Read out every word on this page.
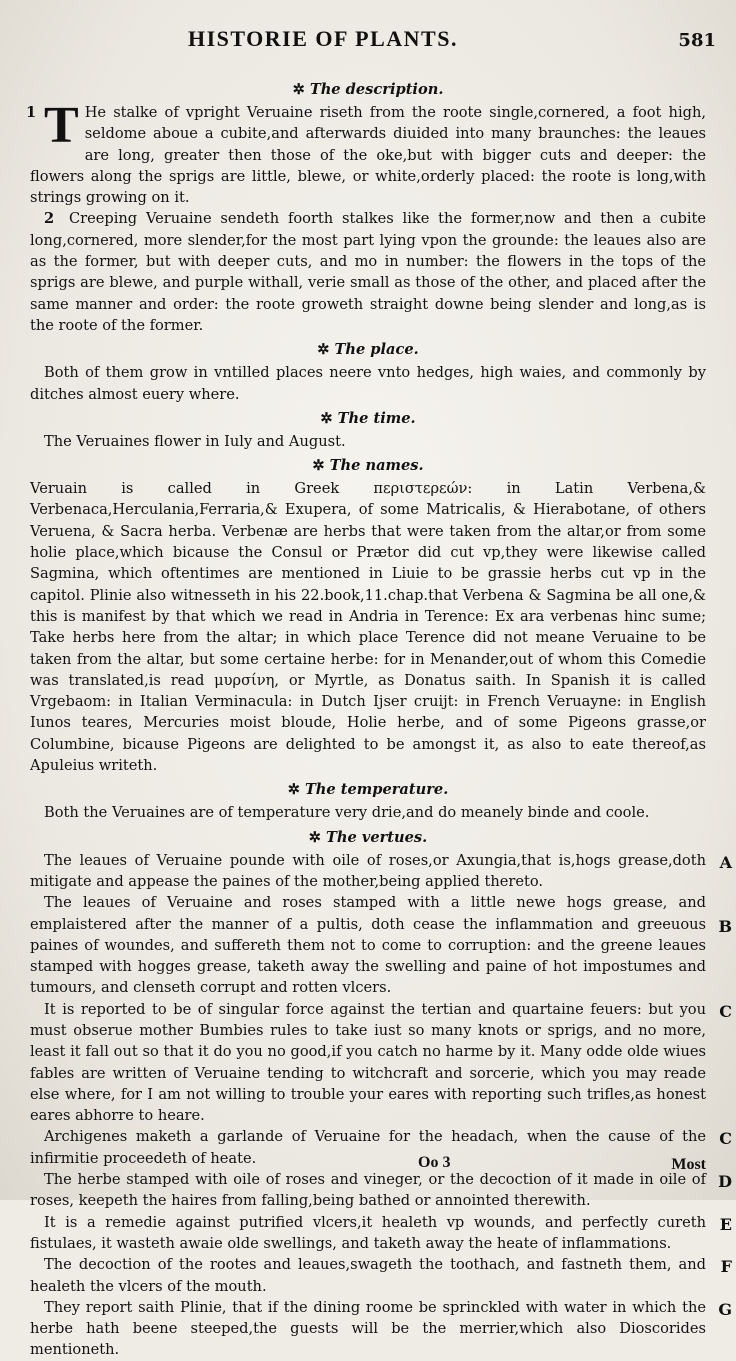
HISTORIE OF PLANTS.	581
✲ The description.

T
1	He stalke of vpright Veruaine riseth from the roote single,cornered, a foot high, seldome aboue a cubite,and afterwards diuided into many braunches: the leaues are long, greater then those of the oke,but with bigger cuts and deeper: the flowers along the sprigs are little, blewe, or white,orderly placed: the roote is long,with strings growing on it.

2 Creeping Veruaine sendeth foorth stalkes like the former,now and then a cubite long,cornered, more slender,for the most part lying vpon the grounde: the leaues also are as the former, but with deeper cuts, and mo in number: the flowers in the tops of the sprigs are blewe, and purple withall, verie small as those of the other, and placed after the same manner and order: the roote groweth straight downe being slender and long,as is the roote of the former.

✲ The place.

Both of them grow in vntilled places neere vnto hedges, high waies, and commonly by ditches almost euery where.

✲ The time.

The Veruaines flower in Iuly and August.

✲ The names.

Veruain is called in Greek περιστερεών: in Latin Verbena,& Verbenaca,Herculania,Ferraria,& Exupera, of some Matricalis, & Hierabotane, of others Veruena, & Sacra herba. Verbenæ are herbs that were taken from the altar,or from some holie place,which bicause the Consul or Prætor did cut vp,they were likewise called Sagmina, which oftentimes are mentioned in Liuie to be grassie herbs cut vp in the capitol. Plinie also witnesseth in his 22.book,11.chap.that Verbena & Sagmina be all one,& this is manifest by that which we read in Andria in Terence: Ex ara verbenas hinc sume; Take herbs here from the altar; in which place Terence did not meane Veruaine to be taken from the altar, but some certaine herbe: for in Menander,out of whom this Comedie was translated,is read μυρσίνη, or Myrtle, as Donatus saith. In Spanish it is called Vrgebaom: in Italian Verminacula: in Dutch Ijser cruijt: in French Veruayne: in English Iunos teares, Mercuries moist bloude, Holie herbe, and of some Pigeons grasse,or Columbine, bicause Pigeons are delighted to be amongst it, as also to eate thereof,as Apuleius writeth.

✲ The temperature.

Both the Veruaines are of temperature very drie,and do meanely binde and coole.

✲ The vertues.

The leaues of Veruaine pounde with oile of roses,or Axungia,that is,hogs grease,doth mitigate and appease the paines of the mother,being applied thereto.
A

The leaues of Veruaine and roses stamped with a little newe hogs grease, and emplaistered after the manner of a pultis, doth cease the inflammation and greeuous paines of woundes, and suffereth them not to come to corruption: and the greene leaues stamped with hogges grease, taketh away the swelling and paine of hot impostumes and tumours, and clenseth corrupt and rotten vlcers.
B

It is reported to be of singular force against the tertian and quartaine feuers: but you must obserue mother Bumbies rules to take iust so many knots or sprigs, and no more, least it fall out so that it do you no good,if you catch no harme by it. Many odde olde wiues fables are written of Veruaine tending to witchcraft and sorcerie, which you may reade else where, for I am not willing to trouble your eares with reporting such trifles,as honest eares abhorre to heare.
C

Archigenes maketh a garlande of Veruaine for the headach, when the cause of the infirmitie proceedeth of heate.
C

The herbe stamped with oile of roses and vineger, or the decoction of it made in oile of roses, keepeth the haires from falling,being bathed or annointed therewith.
D

It is a remedie against putrified vlcers,it healeth vp wounds, and perfectly cureth fistulaes, it wasteth awaie olde swellings, and taketh away the heate of inflammations.
E

The decoction of the rootes and leaues,swageth the toothach, and fastneth them, and healeth the vlcers of the mouth.
F

They report saith Plinie, that if the dining roome be sprinckled with water in which the herbe hath beene steeped,the guests will be the merrier,which also Dioscorides mentioneth.
G

Oo 3	Most
